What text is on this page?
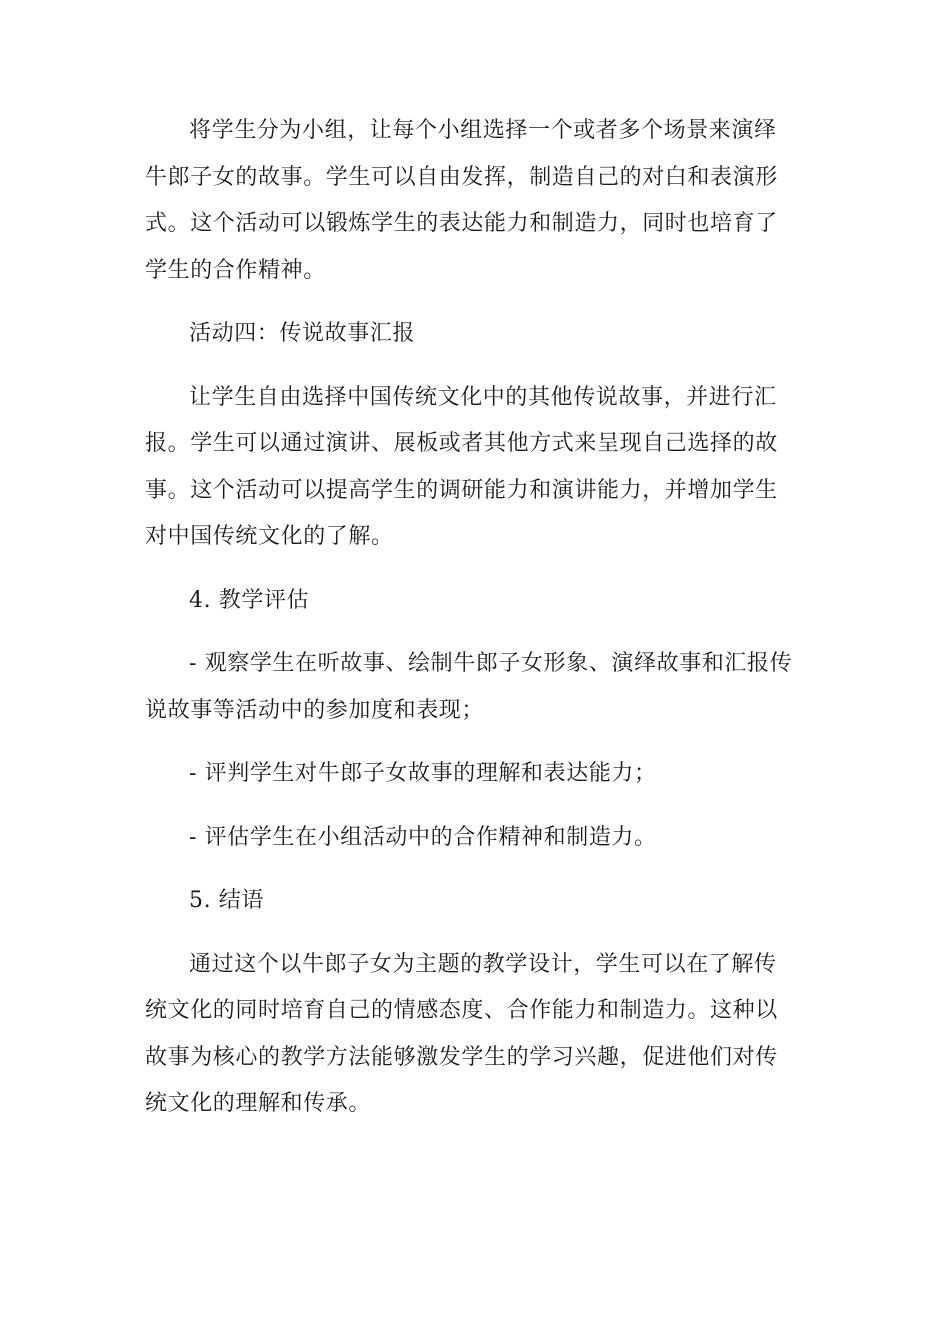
将学生分为小组，让每个小组选择一个或者多个场景来演绎牛郎子女的故事。学生可以自由发挥，制造自己的对白和表演形式。这个活动可以锻炼学生的表达能力和制造力，同时也培育了学生的合作精神。

活动四：传说故事汇报

让学生自由选择中国传统文化中的其他传说故事，并进行汇报。学生可以通过演讲、展板或者其他方式来呈现自己选择的故事。这个活动可以提高学生的调研能力和演讲能力，并增加学生对中国传统文化的了解。

4. 教学评估

- 观察学生在听故事、绘制牛郎子女形象、演绎故事和汇报传说故事等活动中的参加度和表现；

- 评判学生对牛郎子女故事的理解和表达能力；

- 评估学生在小组活动中的合作精神和制造力。

5. 结语

通过这个以牛郎子女为主题的教学设计，学生可以在了解传统文化的同时培育自己的情感态度、合作能力和制造力。这种以故事为核心的教学方法能够激发学生的学习兴趣，促进他们对传统文化的理解和传承。
